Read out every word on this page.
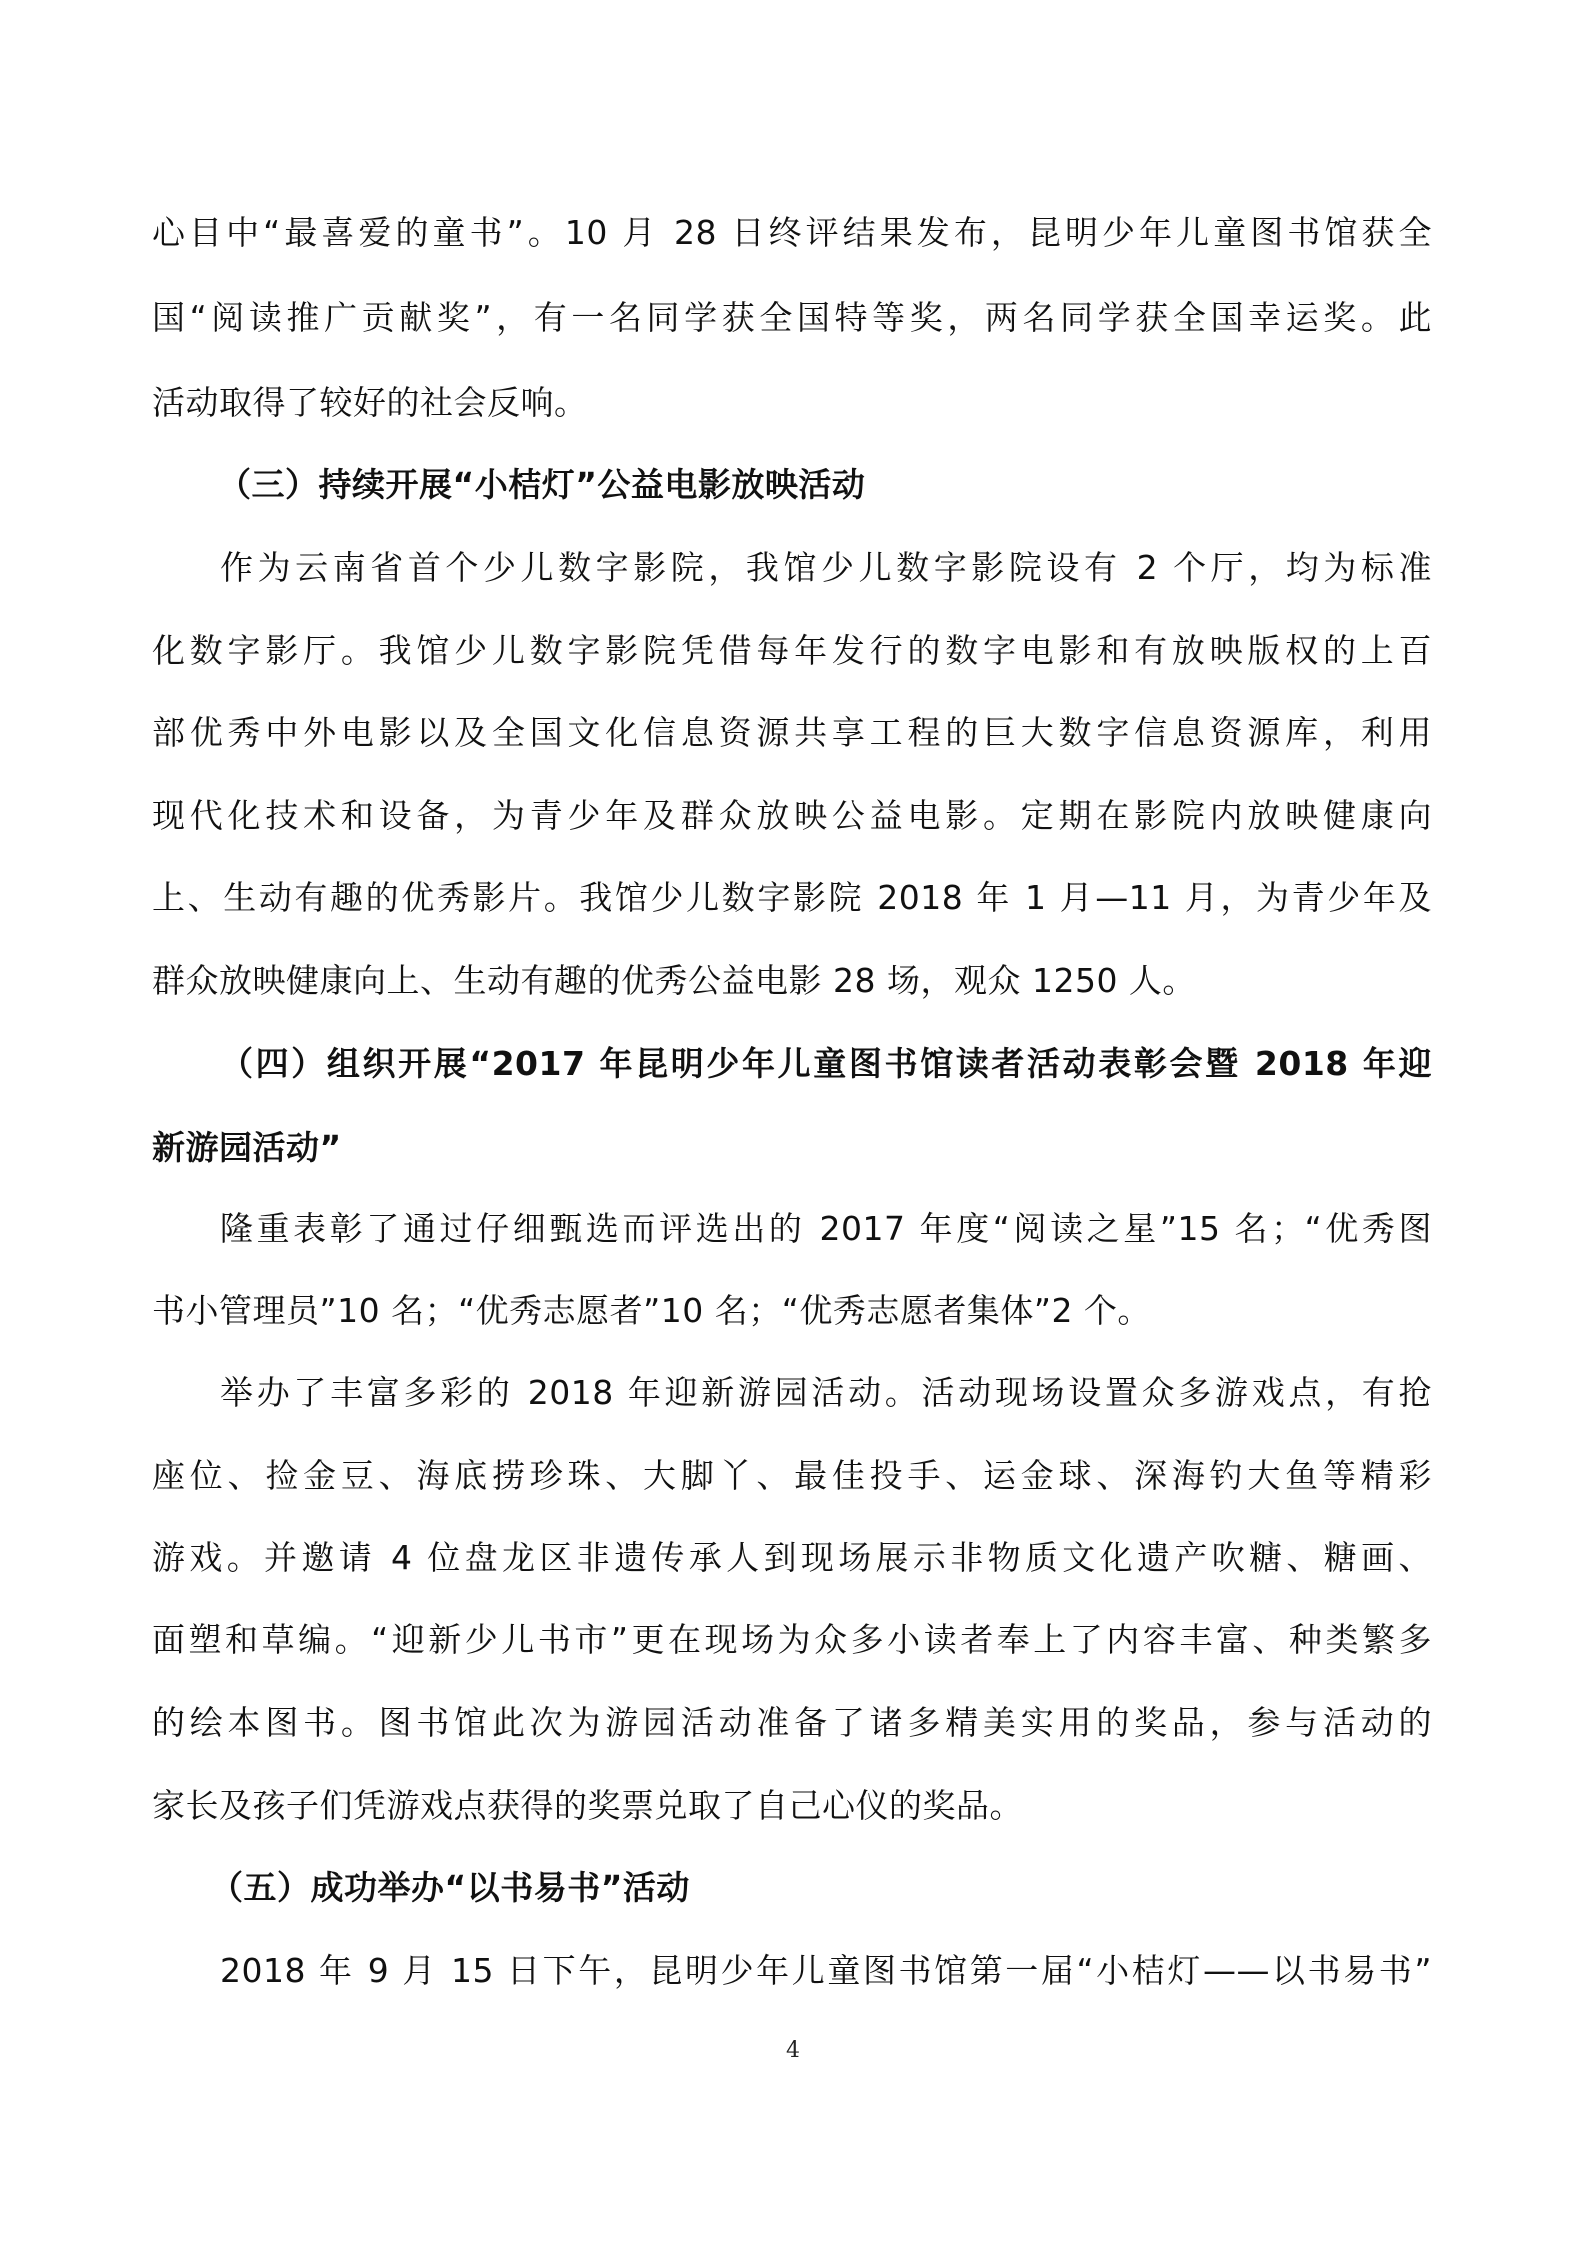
心目中“最喜爱的童书”。10 月 28 日终评结果发布，昆明少年儿童图书馆获全
国“阅读推广贡献奖”，有一名同学获全国特等奖，两名同学获全国幸运奖。此
活动取得了较好的社会反响。
（三）持续开展“小桔灯”公益电影放映活动
作为云南省首个少儿数字影院，我馆少儿数字影院设有 2 个厅，均为标准
化数字影厅。我馆少儿数字影院凭借每年发行的数字电影和有放映版权的上百
部优秀中外电影以及全国文化信息资源共享工程的巨大数字信息资源库，利用
现代化技术和设备，为青少年及群众放映公益电影。定期在影院内放映健康向
上、生动有趣的优秀影片。我馆少儿数字影院 2018 年 1 月—11 月，为青少年及
群众放映健康向上、生动有趣的优秀公益电影 28 场，观众 1250 人。
（四）组织开展“2017 年昆明少年儿童图书馆读者活动表彰会暨 2018 年迎
新游园活动”
隆重表彰了通过仔细甄选而评选出的 2017 年度“阅读之星”15 名；“优秀图
书小管理员”10 名；“优秀志愿者”10 名；“优秀志愿者集体”2 个。
举办了丰富多彩的 2018 年迎新游园活动。活动现场设置众多游戏点，有抢
座位、捡金豆、海底捞珍珠、大脚丫、最佳投手、运金球、深海钓大鱼等精彩
游戏。并邀请 4 位盘龙区非遗传承人到现场展示非物质文化遗产吹糖、糖画、
面塑和草编。“迎新少儿书市”更在现场为众多小读者奉上了内容丰富、种类繁多
的绘本图书。图书馆此次为游园活动准备了诸多精美实用的奖品，参与活动的
家长及孩子们凭游戏点获得的奖票兑取了自己心仪的奖品。
（五）成功举办“以书易书”活动
2018 年 9 月 15 日下午，昆明少年儿童图书馆第一届“小桔灯——以书易书”
4
